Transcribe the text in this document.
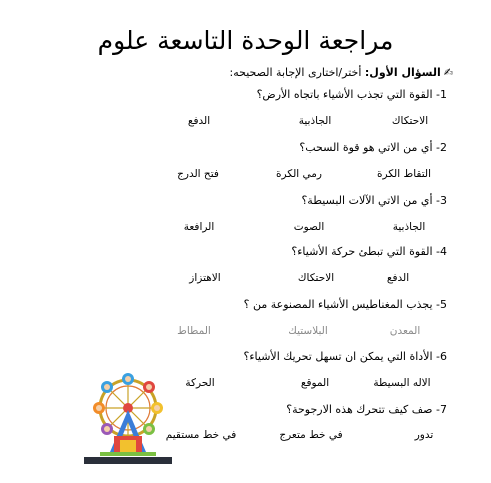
مراجعة الوحدة التاسعة علوم
✍السؤال الأول: أختر/اختارى الإجابة الصحيحه:
1- القوة التي تجذب الأشياء باتجاه الأرض؟
الاحتكاك
الجاذبية
الدفع
2- أي من الاتي هو قوة السحب؟
التقاط الكرة
رمي الكرة
فتح الدرج
3- أي من الاتي الآلات البسيطة؟
الجاذبية
الصوت
الرافعة
4- القوة التي تبطئ حركة الأشياء؟
الدفع
الاحتكاك
الاهتزاز
5- يجذب المغناطيس الأشياء المصنوعة من ؟
المعدن
البلاستيك
المطاط
6- الأداة التي يمكن ان تسهل تحريك الأشياء؟
الاله البسيطة
الموقع
الحركة
7- صف كيف تتحرك هذه الارجوحة؟
تدور
في خط متعرج
في خط مستقيم
